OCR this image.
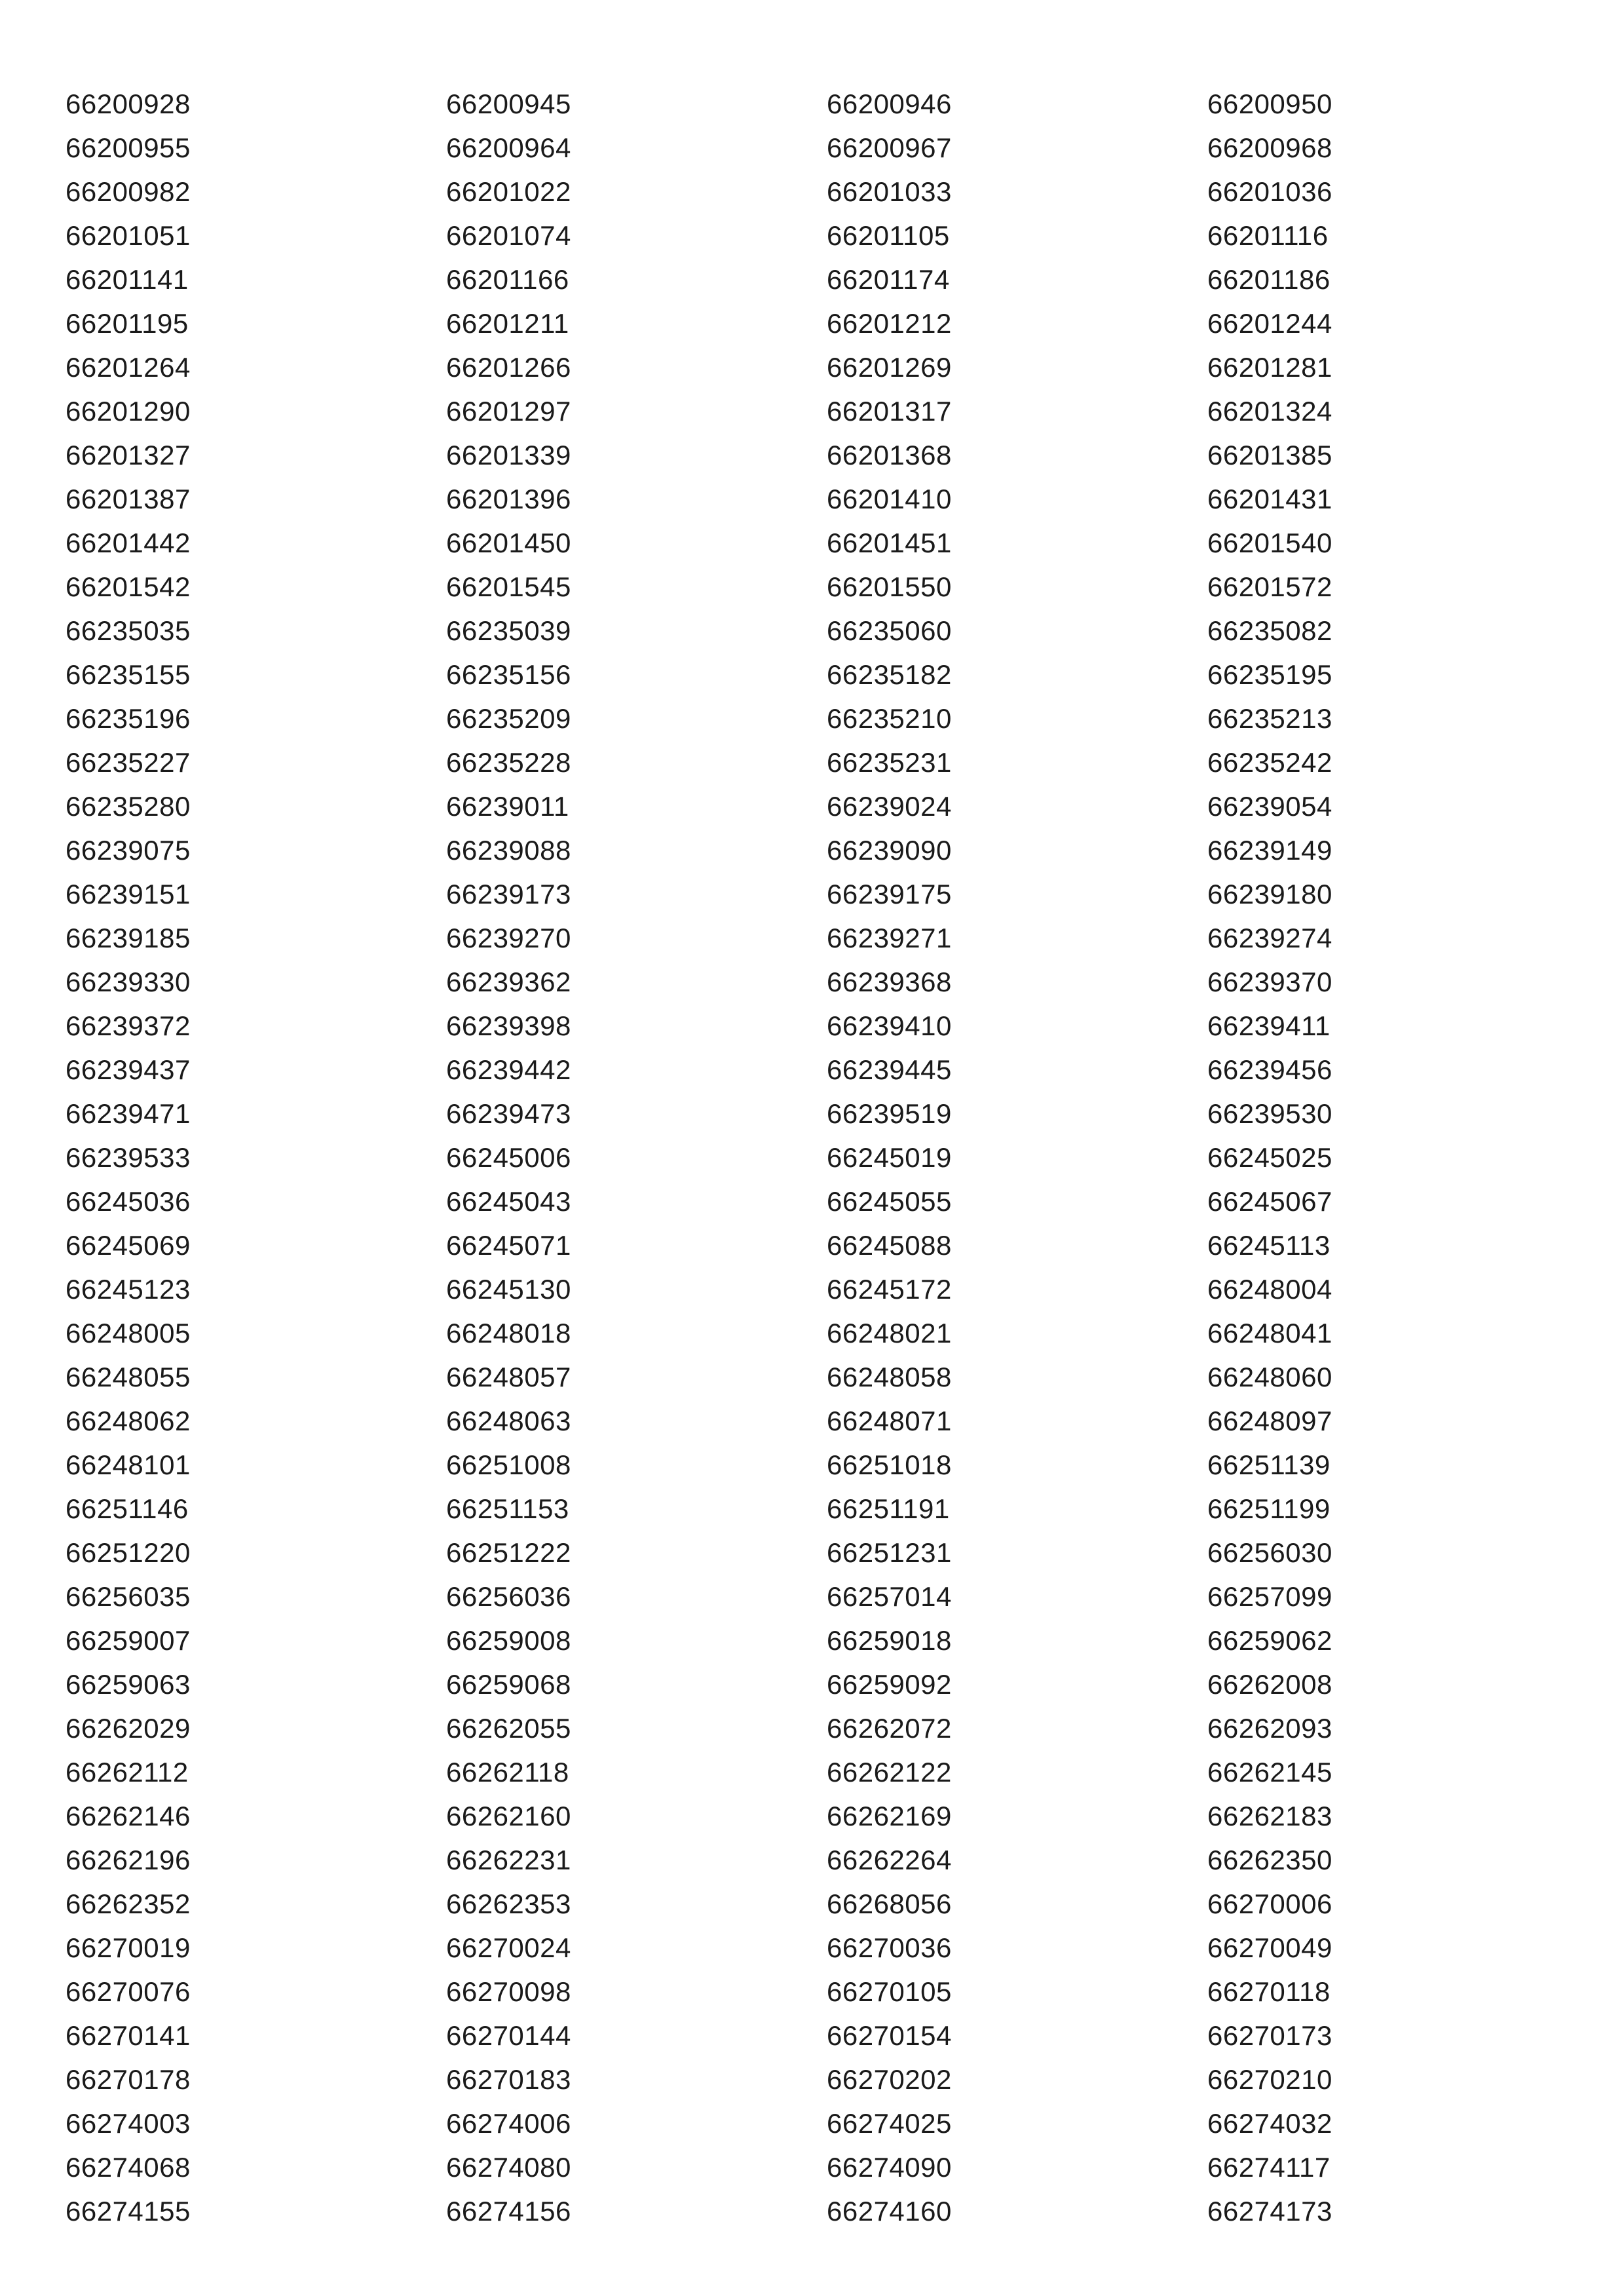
66200928	66200945	66200946	66200950
66200955	66200964	66200967	66200968
66200982	66201022	66201033	66201036
66201051	66201074	66201105	66201116
66201141	66201166	66201174	66201186
66201195	66201211	66201212	66201244
66201264	66201266	66201269	66201281
66201290	66201297	66201317	66201324
66201327	66201339	66201368	66201385
66201387	66201396	66201410	66201431
66201442	66201450	66201451	66201540
66201542	66201545	66201550	66201572
66235035	66235039	66235060	66235082
66235155	66235156	66235182	66235195
66235196	66235209	66235210	66235213
66235227	66235228	66235231	66235242
66235280	66239011	66239024	66239054
66239075	66239088	66239090	66239149
66239151	66239173	66239175	66239180
66239185	66239270	66239271	66239274
66239330	66239362	66239368	66239370
66239372	66239398	66239410	66239411
66239437	66239442	66239445	66239456
66239471	66239473	66239519	66239530
66239533	66245006	66245019	66245025
66245036	66245043	66245055	66245067
66245069	66245071	66245088	66245113
66245123	66245130	66245172	66248004
66248005	66248018	66248021	66248041
66248055	66248057	66248058	66248060
66248062	66248063	66248071	66248097
66248101	66251008	66251018	66251139
66251146	66251153	66251191	66251199
66251220	66251222	66251231	66256030
66256035	66256036	66257014	66257099
66259007	66259008	66259018	66259062
66259063	66259068	66259092	66262008
66262029	66262055	66262072	66262093
66262112	66262118	66262122	66262145
66262146	66262160	66262169	66262183
66262196	66262231	66262264	66262350
66262352	66262353	66268056	66270006
66270019	66270024	66270036	66270049
66270076	66270098	66270105	66270118
66270141	66270144	66270154	66270173
66270178	66270183	66270202	66270210
66274003	66274006	66274025	66274032
66274068	66274080	66274090	66274117
66274155	66274156	66274160	66274173
